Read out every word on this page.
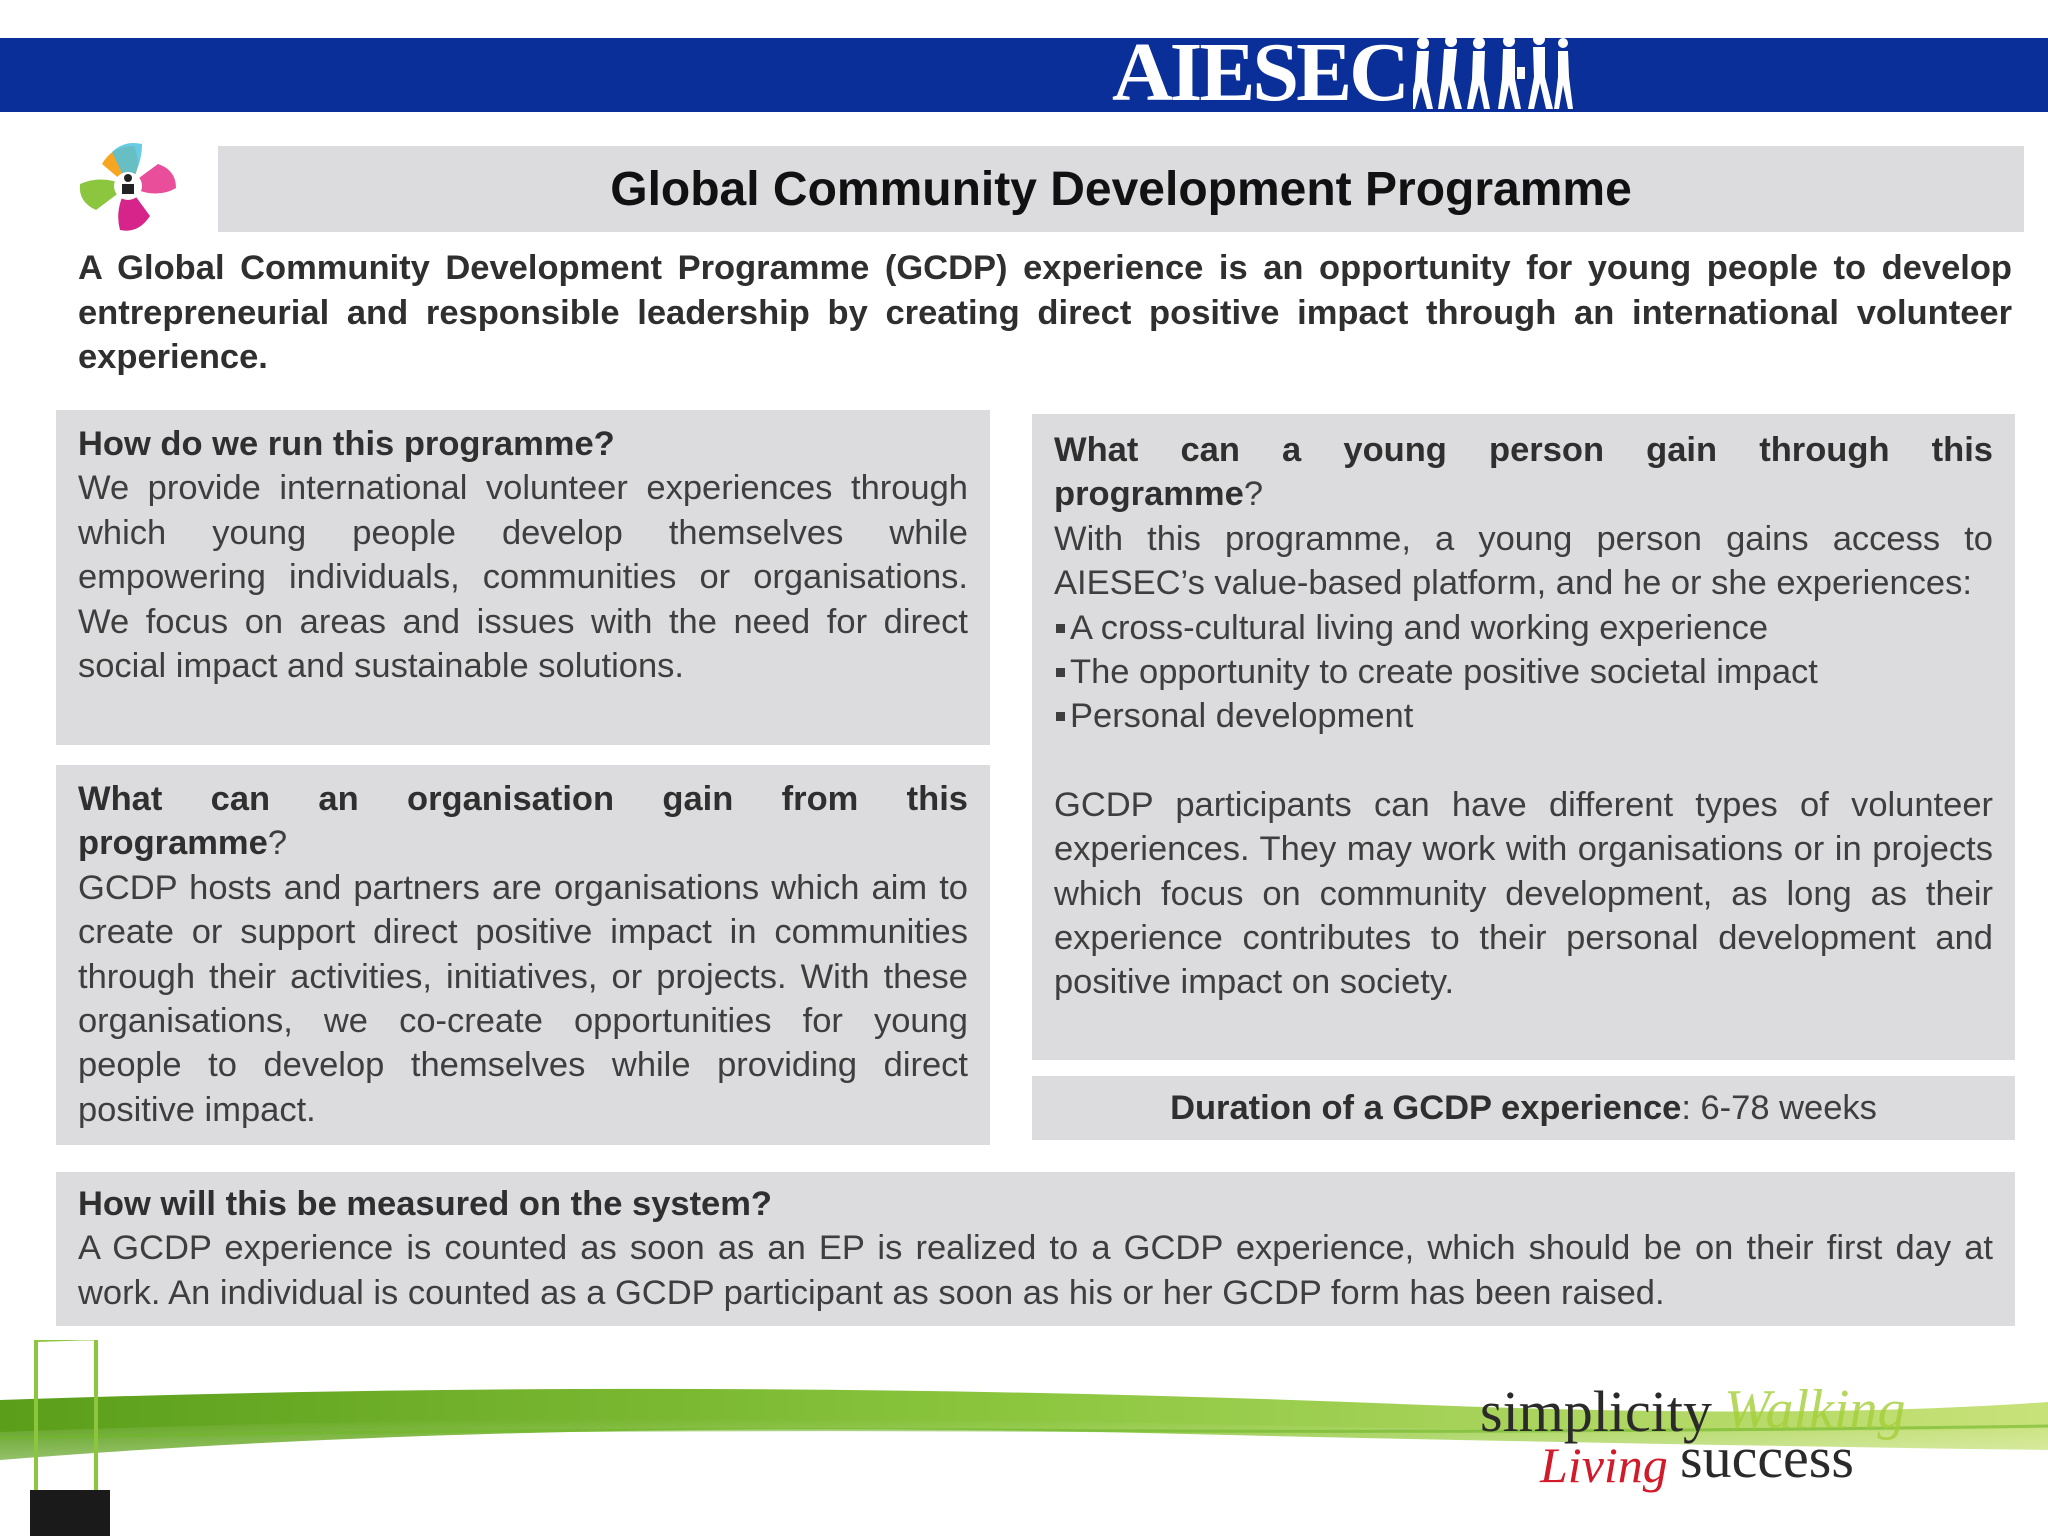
AIESEC
Global Community Development Programme

A Global Community Development Programme (GCDP) experience is an opportunity for young people to develop entrepreneurial and responsible leadership by creating direct positive impact through an international volunteer experience.

How do we run this programme?

We provide international volunteer experiences through which young people develop themselves while empowering individuals, communities or organisations. We focus on areas and issues with the need for direct social impact and sustainable solutions.

What can an organisation gain from this

programme?

GCDP hosts and partners are organisations which aim to create or support direct positive impact in communities through their activities, initiatives, or projects. With these organisations, we co-create opportunities for young people to develop themselves while providing direct positive impact.

What can a young person gain through this

programme?

With this programme, a young person gains access to AIESEC’s value-based platform, and he or she experiences:

A cross-cultural living and working experience
The opportunity to create positive societal impact
Personal development

GCDP participants can have different types of volunteer experiences. They may work with organisations or in projects which focus on community development, as long as their experience contributes to their personal development and positive impact on society.

Duration of a GCDP experience : 6-78 weeks

How will this be measured on the system?

A GCDP experience is counted as soon as an EP is realized to a GCDP experience, which should be on their first day at work. An individual is counted as a GCDP participant as soon as his or her GCDP form has been raised.

simplicity Walking
Living success
